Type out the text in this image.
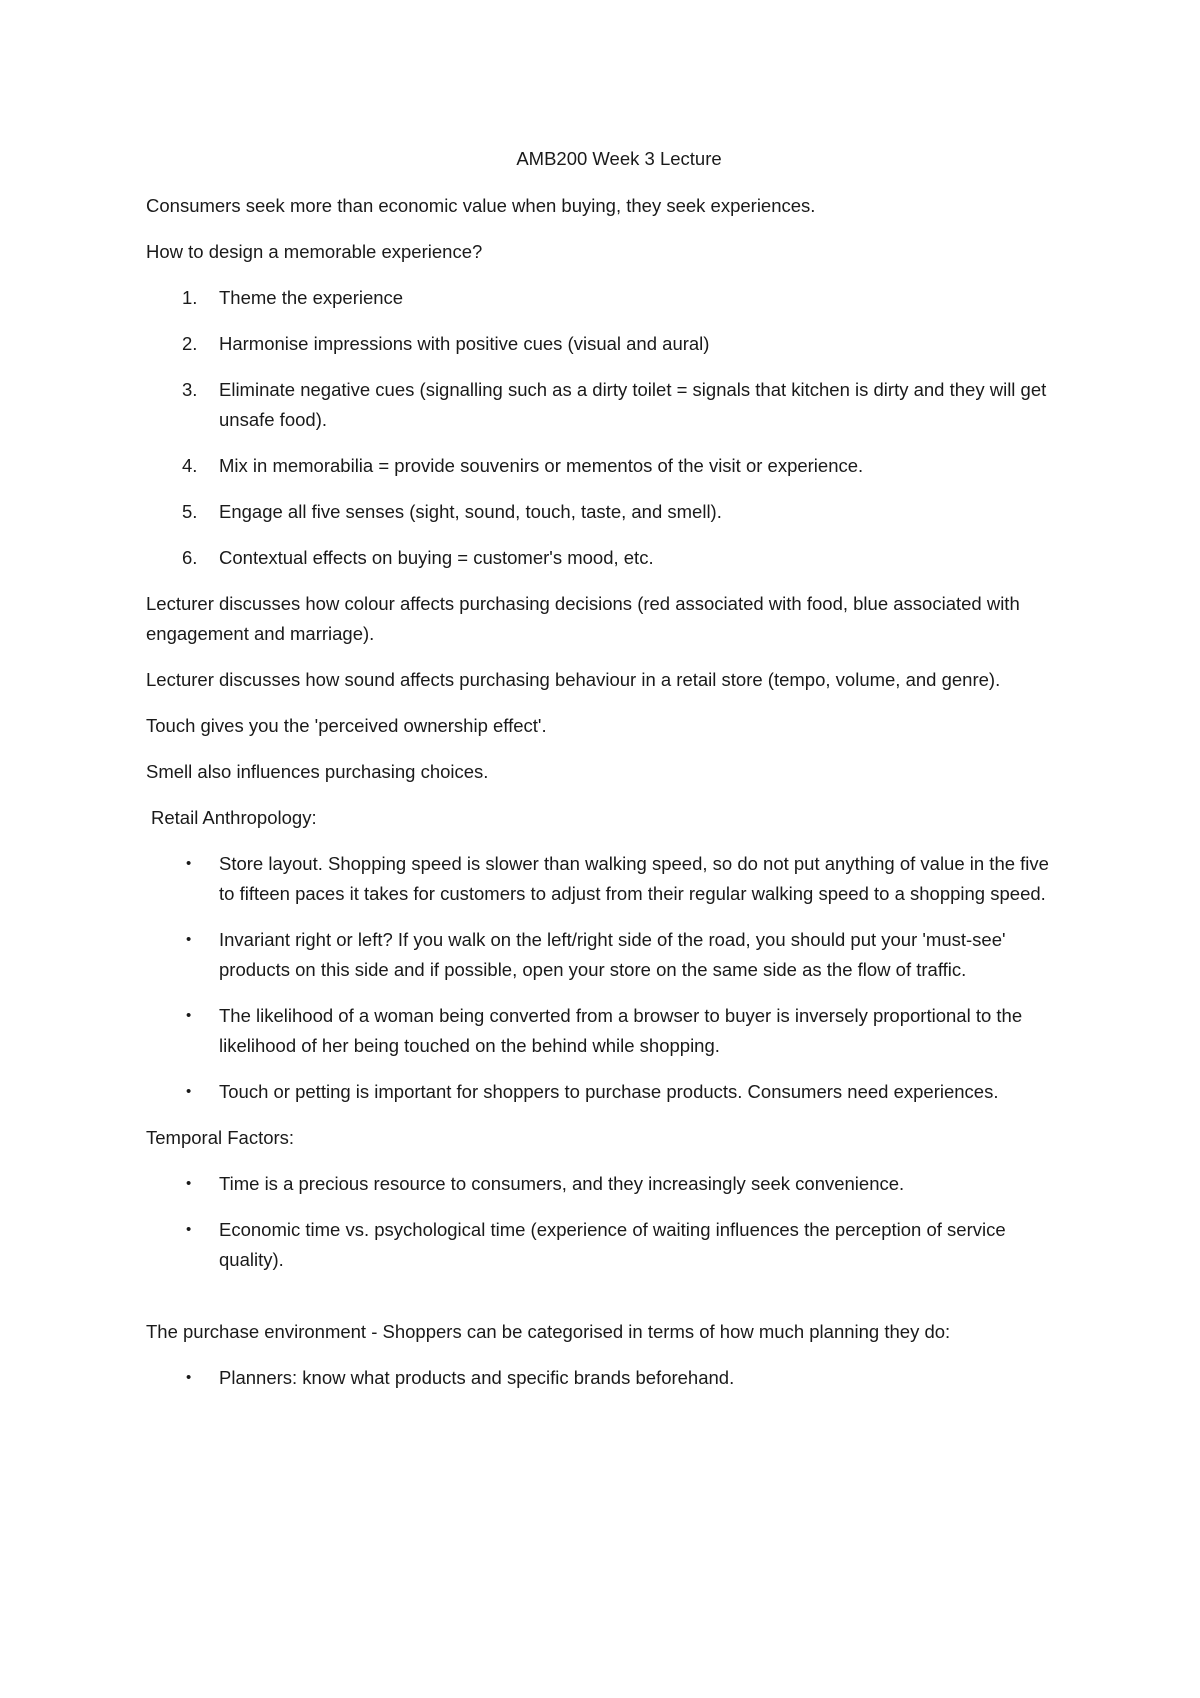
AMB200 Week 3 Lecture

Consumers seek more than economic value when buying, they seek experiences.

How to design a memorable experience?

1. Theme the experience
2. Harmonise impressions with positive cues (visual and aural)
3. Eliminate negative cues (signalling such as a dirty toilet = signals that kitchen is dirty and they will get unsafe food).
4. Mix in memorabilia = provide souvenirs or mementos of the visit or experience.
5. Engage all five senses (sight, sound, touch, taste, and smell).
6. Contextual effects on buying = customer's mood, etc.

Lecturer discusses how colour affects purchasing decisions (red associated with food, blue associated with engagement and marriage).

Lecturer discusses how sound affects purchasing behaviour in a retail store (tempo, volume, and genre).

Touch gives you the 'perceived ownership effect'.

Smell also influences purchasing choices.

Retail Anthropology:

• Store layout. Shopping speed is slower than walking speed, so do not put anything of value in the five to fifteen paces it takes for customers to adjust from their regular walking speed to a shopping speed.
• Invariant right or left? If you walk on the left/right side of the road, you should put your 'must-see' products on this side and if possible, open your store on the same side as the flow of traffic.
• The likelihood of a woman being converted from a browser to buyer is inversely proportional to the likelihood of her being touched on the behind while shopping.
• Touch or petting is important for shoppers to purchase products. Consumers need experiences.

Temporal Factors:

• Time is a precious resource to consumers, and they increasingly seek convenience.
• Economic time vs. psychological time (experience of waiting influences the perception of service quality).

The purchase environment - Shoppers can be categorised in terms of how much planning they do:

• Planners: know what products and specific brands beforehand.
